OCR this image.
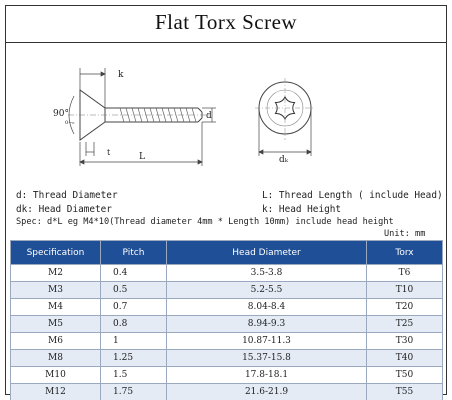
Flat Torx Screw
k
90°
0−₆
d
t	L	dₖ
d: Thread Diameter
dk: Head Diameter
L: Thread Length ( include Head)
k: Head Height
Spec: d*L eg M4*10(Thread diameter 4mm * Length 10mm) include head height
Unit: mm
Specification	Pitch	Head Diameter	Torx
M2	0.4	3.5-3.8	T6
M3	0.5	5.2-5.5	T10
M4	0.7	8.04-8.4	T20
M5	0.8	8.94-9.3	T25
M6	1	10.87-11.3	T30
M8	1.25	15.37-15.8	T40
M10	1.5	17.8-18.1	T50
M12	1.75	21.6-21.9	T55
